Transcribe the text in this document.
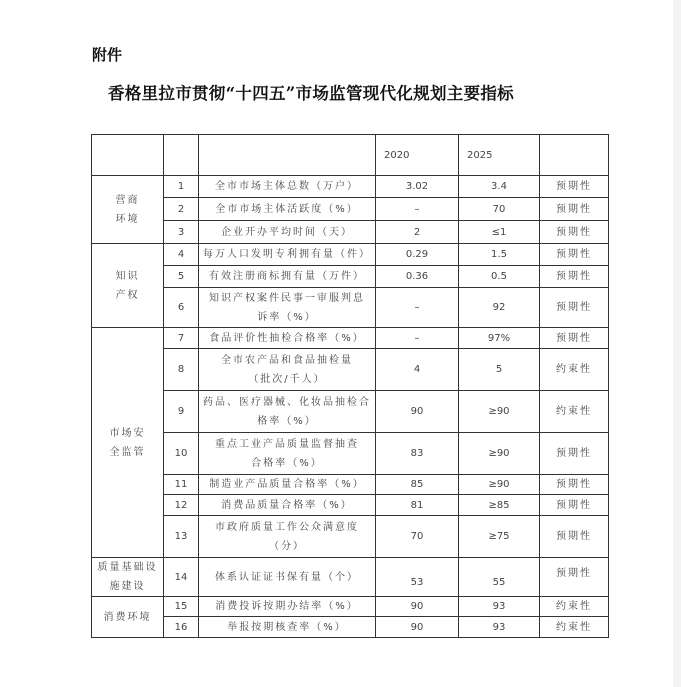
附件
香格里拉市贯彻“十四五”市场监管现代化规划主要指标
			2020	2025	

营商
环境	1	全市市场主体总数（万户）	3.02	3.4	预期性
	2	全市市场主体活跃度（%）	–	70	预期性
	3	企业开办平均时间（天）	2	≤1	预期性

知识
产权	4	每万人口发明专利拥有量（件）	0.29	1.5	预期性
	5	有效注册商标拥有量（万件）	0.36	0.5	预期性
	6	知识产权案件民事一审服判息
诉率（%）	–	92	预期性

市场安
全监管	7	食品评价性抽检合格率（%）	–	97%	预期性
	8	全市农产品和食品抽检量
（批次/千人）	4	5	约束性
	9	药品、医疗器械、化妆品抽检合
格率（%）	90	≥90	约束性
	10	重点工业产品质量监督抽查
合格率（%）	83	≥90	预期性
	11	制造业产品质量合格率（%）	85	≥90	预期性
	12	消费品质量合格率（%）	81	≥85	预期性
	13	市政府质量工作公众满意度
（分）	70	≥75	预期性

质量基础设
施建设	14	体系认证证书保有量（个）	53	55	预期性

消费环境	15	消费投诉按期办结率（%）	90	93	约束性
	16	举报按期核查率（%）	90	93	约束性
